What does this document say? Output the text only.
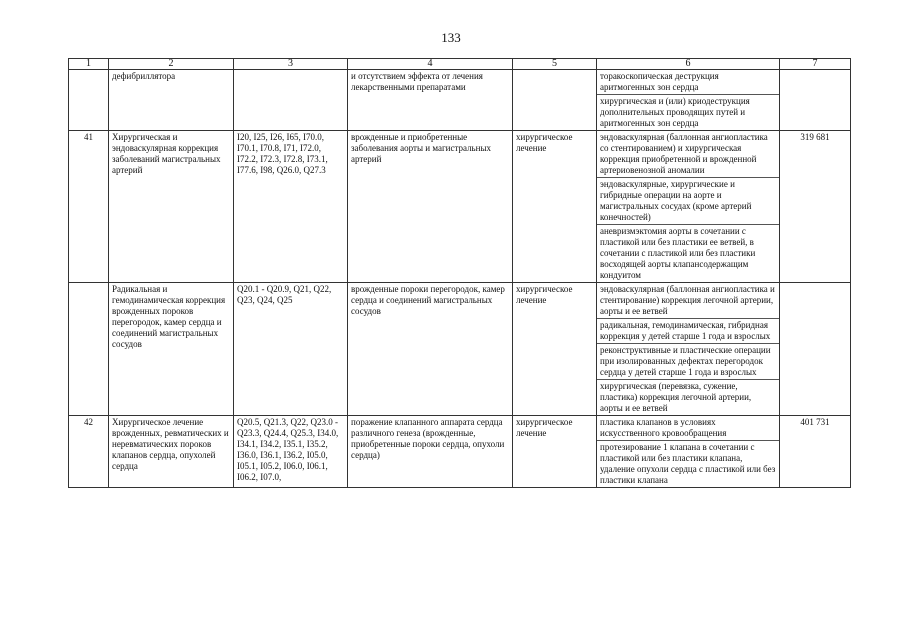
133
1	2	3	4	5	6	7
	дефибриллятора		и отсутствием эффекта от лечения лекарственными препаратами		торакоскопическая деструкция аритмогенных зон сердца
хирургическая и (или) криодеструкция дополнительных проводящих путей и аритмогенных зон сердца	

41	Хирургическая и эндоваскулярная коррекция заболеваний магистральных артерий	I20, I25, I26, I65, I70.0, I70.1, I70.8, I71, I72.0, I72.2, I72.3, I72.8, I73.1, I77.6, I98, Q26.0, Q27.3	врожденные и приобретенные заболевания аорты и магистральных артерий	хирургическое лечение	эндоваскулярная (баллонная ангиопластика со стентированием) и хирургическая коррекция приобретенной и врожденной артериовенозной аномалии
эндоваскулярные, хирургические и гибридные операции на аорте и магистральных сосудах (кроме артерий конечностей)
аневризмэктомия аорты в сочетании с пластикой или без пластики ее ветвей, в сочетании с пластикой или без пластики восходящей аорты клапансодержащим кондуитом	319 681
	Радикальная и гемодинамическая коррекция врожденных пороков перегородок, камер сердца и соединений магистральных сосудов	Q20.1 - Q20.9, Q21, Q22, Q23, Q24, Q25	врожденные пороки перегородок, камер сердца и соединений магистральных сосудов	хирургическое лечение	эндоваскулярная (баллонная ангиопластика и стентирование) коррекция легочной артерии, аорты и ее ветвей
радикальная, гемодинамическая, гибридная коррекция у детей старше 1 года и взрослых
реконструктивные и пластические операции при изолированных дефектах перегородок сердца у детей старше 1 года и взрослых
хирургическая (перевязка, сужение, пластика) коррекция легочной артерии, аорты и ее ветвей	

42	Хирургическое лечение врожденных, ревматических и неревматических пороков клапанов сердца, опухолей сердца	Q20.5, Q21.3, Q22, Q23.0 - Q23.3, Q24.4, Q25.3, I34.0, I34.1, I34.2, I35.1, I35.2, I36.0, I36.1, I36.2, I05.0, I05.1, I05.2, I06.0, I06.1, I06.2, I07.0,	поражение клапанного аппарата сердца различного генеза (врожденные, приобретенные пороки сердца, опухоли сердца)	хирургическое лечение	пластика клапанов в условиях искусственного кровообращения
протезирование 1 клапана в сочетании с пластикой или без пластики клапана, удаление опухоли сердца с пластикой или без пластики клапана	401 731
